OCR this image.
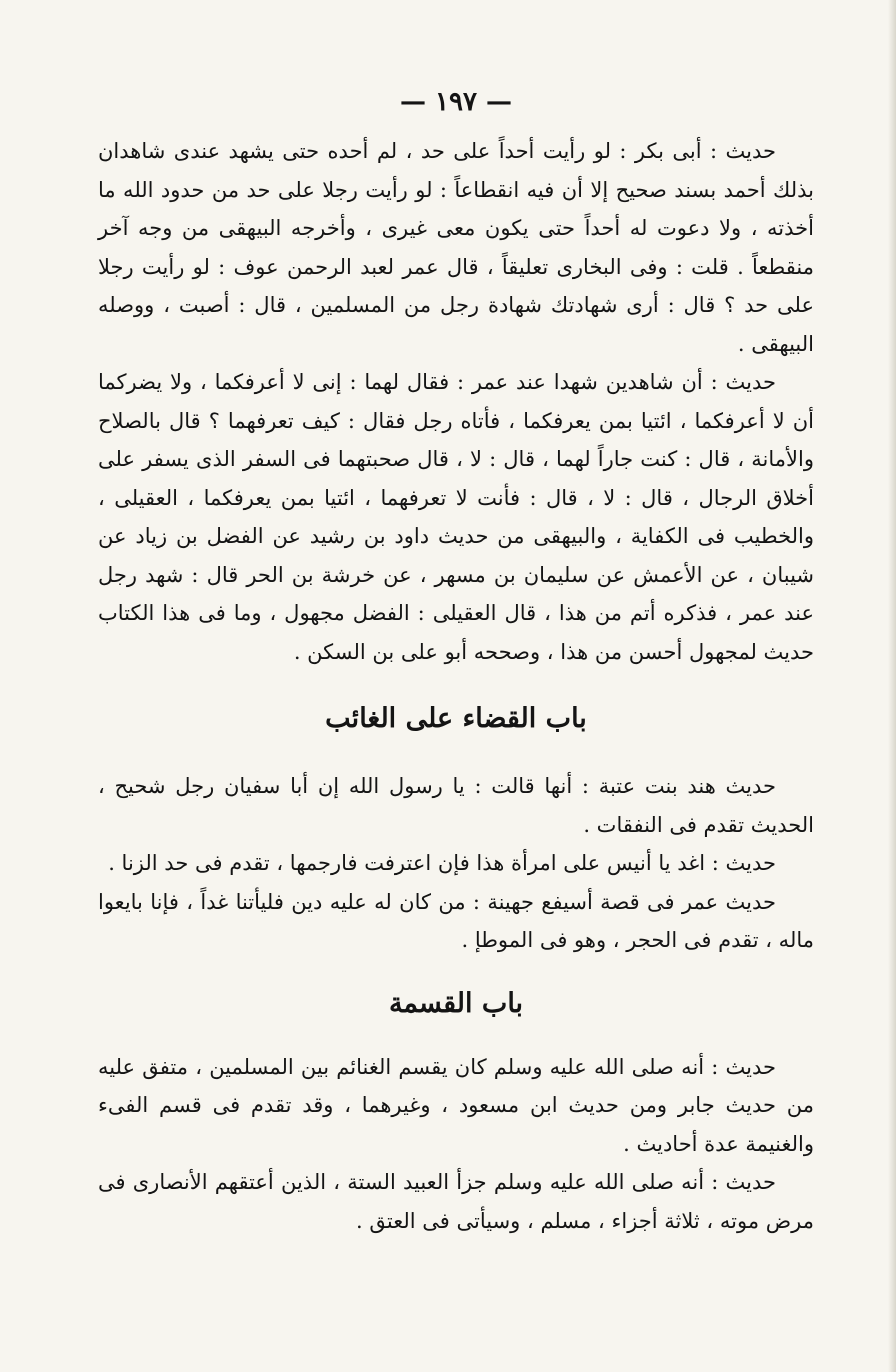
— ١٩٧ —

حديث : أبى بكر : لو رأيت أحداً على حد ، لم أحده حتى يشهد عندى شاهدان بذلك أحمد بسند صحيح إلا أن فيه انقطاعاً : لو رأيت رجلا على حد من حدود الله ما أخذته ، ولا دعوت له أحداً حتى يكون معى غيرى ، وأخرجه البيهقى من وجه آخر منقطعاً . قلت : وفى البخارى تعليقاً ، قال عمر لعبد الرحمن عوف : لو رأيت رجلا على حد ؟ قال : أرى شهادتك شهادة رجل من المسلمين ، قال : أصبت ، ووصله البيهقى .

حديث : أن شاهدين شهدا عند عمر : فقال لهما : إنى لا أعرفكما ، ولا يضركما أن لا أعرفكما ، ائتيا بمن يعرفكما ، فأتاه رجل فقال : كيف تعرفهما ؟ قال بالصلاح والأمانة ، قال : كنت جاراً لهما ، قال : لا ، قال صحبتهما فى السفر الذى يسفر على أخلاق الرجال ، قال : لا ، قال : فأنت لا تعرفهما ، ائتيا بمن يعرفكما ، العقيلى ، والخطيب فى الكفاية ، والبيهقى من حديث داود بن رشيد عن الفضل بن زياد عن شيبان ، عن الأعمش عن سليمان بن مسهر ، عن خرشة بن الحر قال : شهد رجل عند عمر ، فذكره أتم من هذا ، قال العقيلى : الفضل مجهول ، وما فى هذا الكتاب حديث لمجهول أحسن من هذا ، وصححه أبو على بن السكن .

باب القضاء على الغائب

حديث هند بنت عتبة : أنها قالت : يا رسول الله إن أبا سفيان رجل شحيح ، الحديث تقدم فى النفقات .

حديث : اغد يا أنيس على امرأة هذا فإن اعترفت فارجمها ، تقدم فى حد الزنا .

حديث عمر فى قصة أسيفع جهينة : من كان له عليه دين فليأتنا غداً ، فإنا بايعوا ماله ، تقدم فى الحجر ، وهو فى الموطإ .

باب القسمة

حديث : أنه صلى الله عليه وسلم كان يقسم الغنائم بين المسلمين ، متفق عليه من حديث جابر ومن حديث ابن مسعود ، وغيرهما ، وقد تقدم فى قسم الفىء والغنيمة عدة أحاديث .

حديث : أنه صلى الله عليه وسلم جزأ العبيد الستة ، الذين أعتقهم الأنصارى فى مرض موته ، ثلاثة أجزاء ، مسلم ، وسيأتى فى العتق .
